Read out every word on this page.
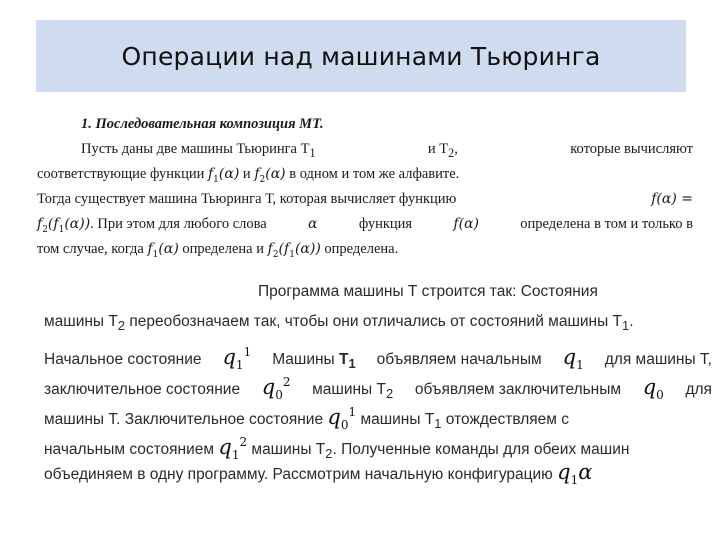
Операции над машинами Тьюринга
1. Последовательная композиция МТ.
Пусть даны две машины Тьюринга $Т_1$	и $Т_2$,	которые вычисляют
соответствующие функции $f_1(\alpha)$ и $f_2(\alpha)$ в одном и том же алфавите.
Тогда существует машина Тьюринга Т, которая вычисляет функцию	f(α) =
$f_2(f_1(\alpha))$. При этом для любого слова	α	функция	f(α)	определена в том и только в
том случае, когда $f_1(\alpha)$ определена и $f_2(f_1(\alpha))$ определена.
Программа машины Т строится так: Состояния
машины $Т_2$ переобозначаем так, чтобы они отличались от состояний машины $Т_1$.
Начальное состояние $q_1^1$ Машины $T_1$ объявляем начальным $q_1$ для машины Т,
заключительное состояние $q_0^2$ машины $Т_2$ объявляем заключительным $q_0$ для
машины Т. Заключительное состояние $q_0^1$ машины $Т_1$ отождествляем с
начальным состоянием $q_1^2$ машины $Т_2$. Полученные команды для обеих машин
объединяем в одну программу. Рассмотрим начальную конфигурацию $q_1\alpha$
